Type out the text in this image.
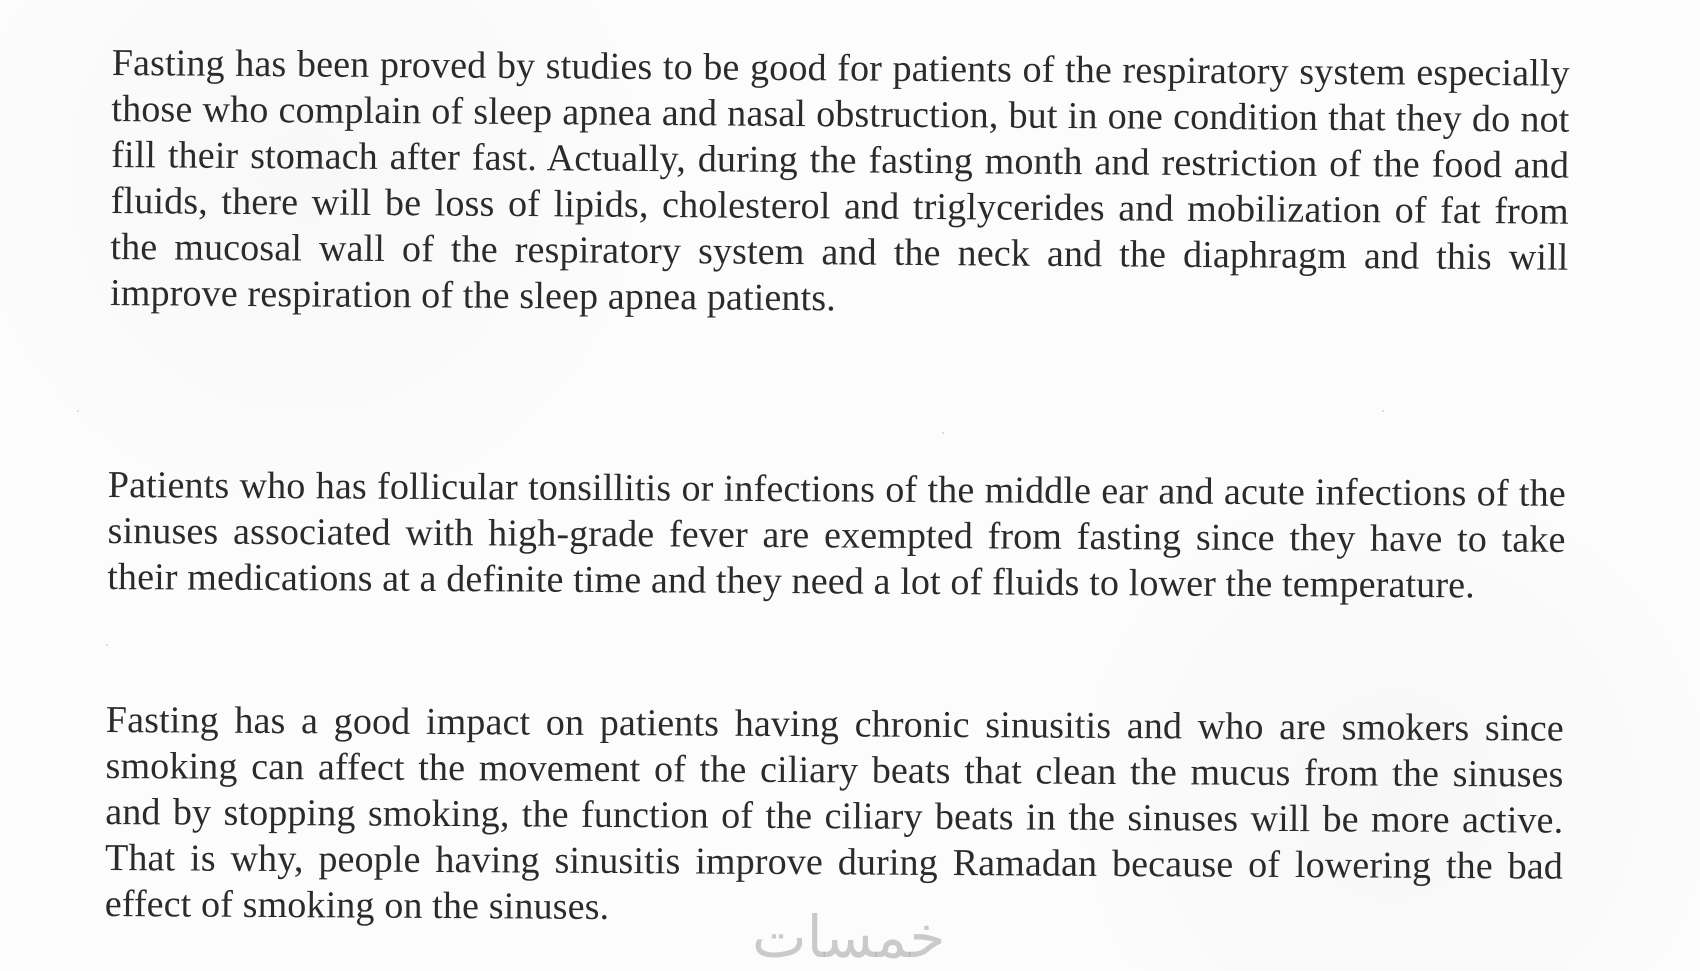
Fasting has been proved by studies to be good for patients of the respiratory system especially those who complain of sleep apnea and nasal obstruction, but in one condition that they do not fill their stomach after fast. Actually, during the fasting month and restriction of the food and fluids, there will be loss of lipids, cholesterol and triglycerides and mobilization of fat from the mucosal wall of the respiratory system and the neck and the diaphragm and this will improve respiration of the sleep apnea patients.
Patients who has follicular tonsillitis or infections of the middle ear and acute infections of the sinuses associated with high-grade fever are exempted from fasting since they have to take their medications at a definite time and they need a lot of fluids to lower the temperature.
Fasting has a good impact on patients having chronic sinusitis and who are smokers since smoking can affect the movement of the ciliary beats that clean the mucus from the sinuses and by stopping smoking, the function of the ciliary beats in the sinuses will be more active. That is why, people having sinusitis improve during Ramadan because of lowering the bad effect of smoking on the sinuses.	خمسات
